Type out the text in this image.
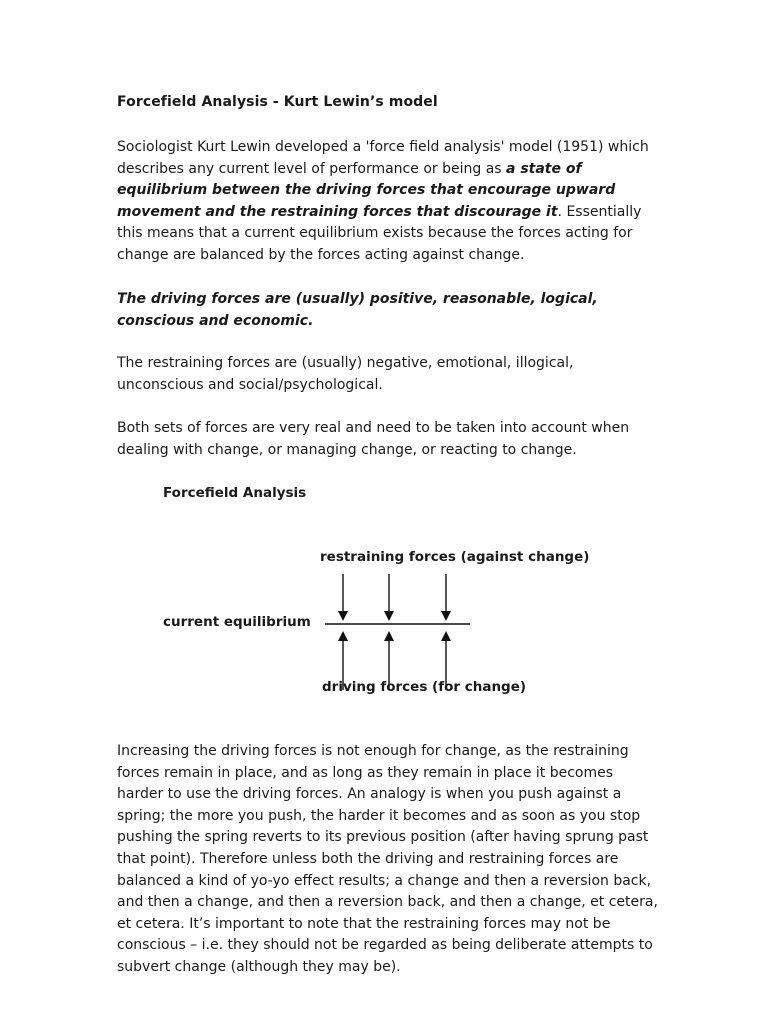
Forcefield Analysis - Kurt Lewin’s model

Sociologist Kurt Lewin developed a 'force field analysis' model (1951) which describes any current level of performance or being as a state of equilibrium between the driving forces that encourage upward movement and the restraining forces that discourage it. Essentially this means that a current equilibrium exists because the forces acting for change are balanced by the forces acting against change.

The driving forces are (usually) positive, reasonable, logical, conscious and economic.

The restraining forces are (usually) negative, emotional, illogical, unconscious and social/psychological.

Both sets of forces are very real and need to be taken into account when dealing with change, or managing change, or reacting to change.

Forcefield Analysis
restraining forces (against change)
current equilibrium
driving forces (for change)

Increasing the driving forces is not enough for change, as the restraining forces remain in place, and as long as they remain in place it becomes harder to use the driving forces. An analogy is when you push against a spring; the more you push, the harder it becomes and as soon as you stop pushing the spring reverts to its previous position (after having sprung past that point). Therefore unless both the driving and restraining forces are balanced a kind of yo-yo effect results; a change and then a reversion back, and then a change, and then a reversion back, and then a change, et cetera, et cetera. It’s important to note that the restraining forces may not be conscious – i.e. they should not be regarded as being deliberate attempts to subvert change (although they may be).
